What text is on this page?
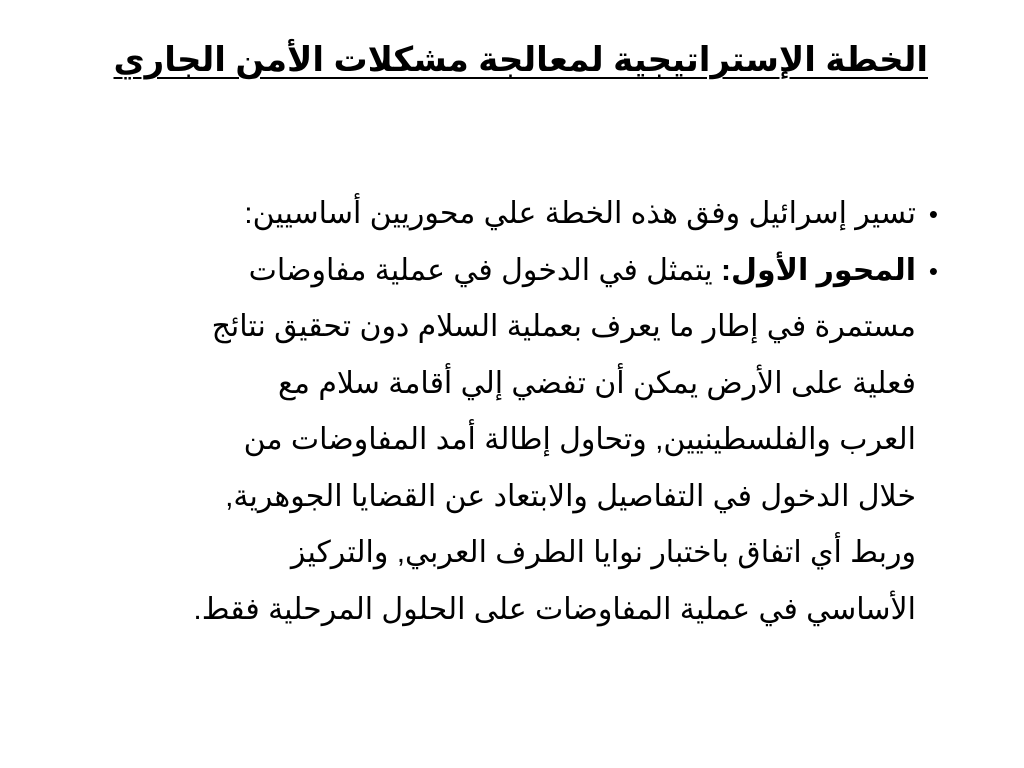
الخطة الإستراتيجية لمعالجة مشكلات الأمن الجاري
•

تسير إسرائيل وفق هذه الخطة علي محوريين أساسيين:

•

المحور الأول: يتمثل في الدخول في عملية مفاوضات
مستمرة في إطار ما يعرف بعملية السلام دون تحقيق نتائج
فعلية على الأرض يمكن أن تفضي إلي أقامة سلام مع
العرب والفلسطينيين, وتحاول إطالة أمد المفاوضات من
خلال الدخول في التفاصيل والابتعاد عن القضايا الجوهرية,
وربط أي اتفاق باختبار نوايا الطرف العربي, والتركيز
الأساسي في عملية المفاوضات على الحلول المرحلية فقط.
